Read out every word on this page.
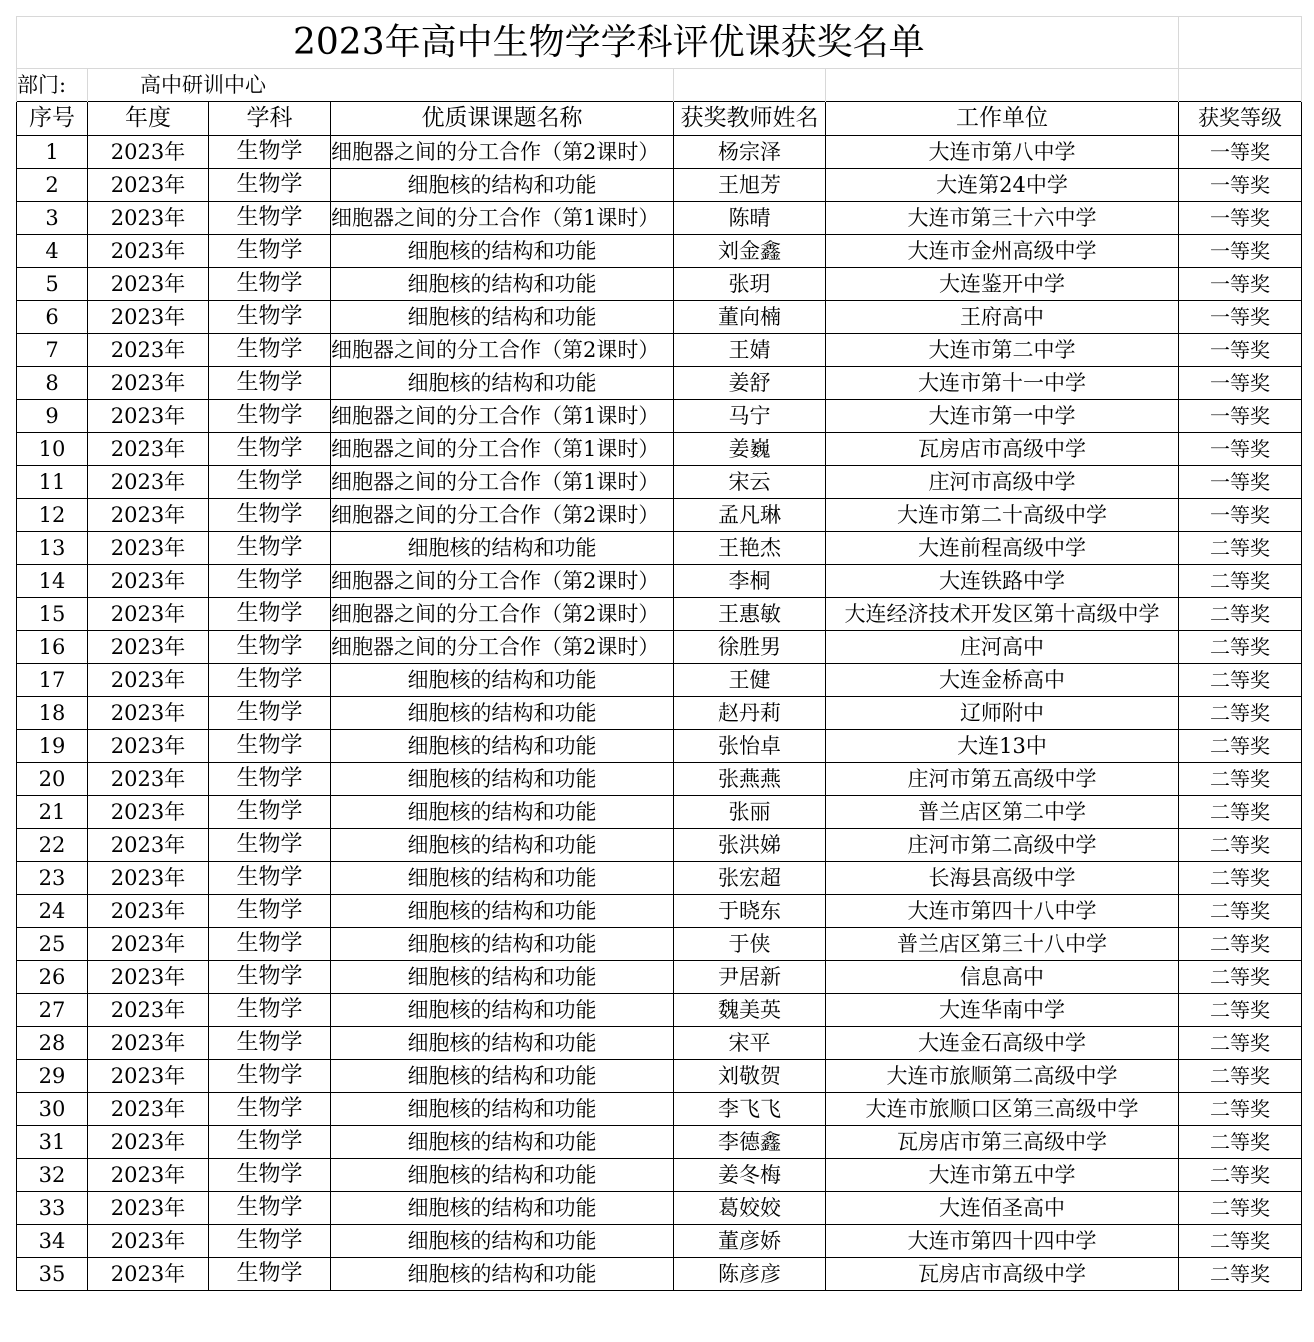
2023年高中生物学学科评优课获奖名单						
部门:	高中研训中心					
序号	年度	学科	优质课课题名称	获奖教师姓名	工作单位	获奖等级
1	2023年	生物学	细胞器之间的分工合作（第2课时）	杨宗泽	大连市第八中学	一等奖
2	2023年	生物学	细胞核的结构和功能	王旭芳	大连第24中学	一等奖
3	2023年	生物学	细胞器之间的分工合作（第1课时）	陈晴	大连市第三十六中学	一等奖
4	2023年	生物学	细胞核的结构和功能	刘金鑫	大连市金州高级中学	一等奖
5	2023年	生物学	细胞核的结构和功能	张玥	大连鉴开中学	一等奖
6	2023年	生物学	细胞核的结构和功能	董向楠	王府高中	一等奖
7	2023年	生物学	细胞器之间的分工合作（第2课时）	王婧	大连市第二中学	一等奖
8	2023年	生物学	细胞核的结构和功能	姜舒	大连市第十一中学	一等奖
9	2023年	生物学	细胞器之间的分工合作（第1课时）	马宁	大连市第一中学	一等奖
10	2023年	生物学	细胞器之间的分工合作（第1课时）	姜巍	瓦房店市高级中学	一等奖
11	2023年	生物学	细胞器之间的分工合作（第1课时）	宋云	庄河市高级中学	一等奖
12	2023年	生物学	细胞器之间的分工合作（第2课时）	孟凡琳	大连市第二十高级中学	一等奖
13	2023年	生物学	细胞核的结构和功能	王艳杰	大连前程高级中学	二等奖
14	2023年	生物学	细胞器之间的分工合作（第2课时）	李桐	大连铁路中学	二等奖
15	2023年	生物学	细胞器之间的分工合作（第2课时）	王惠敏	大连经济技术开发区第十高级中学	二等奖
16	2023年	生物学	细胞器之间的分工合作（第2课时）	徐胜男	庄河高中	二等奖
17	2023年	生物学	细胞核的结构和功能	王健	大连金桥高中	二等奖
18	2023年	生物学	细胞核的结构和功能	赵丹莉	辽师附中	二等奖
19	2023年	生物学	细胞核的结构和功能	张怡卓	大连13中	二等奖
20	2023年	生物学	细胞核的结构和功能	张燕燕	庄河市第五高级中学	二等奖
21	2023年	生物学	细胞核的结构和功能	张丽	普兰店区第二中学	二等奖
22	2023年	生物学	细胞核的结构和功能	张洪娣	庄河市第二高级中学	二等奖
23	2023年	生物学	细胞核的结构和功能	张宏超	长海县高级中学	二等奖
24	2023年	生物学	细胞核的结构和功能	于晓东	大连市第四十八中学	二等奖
25	2023年	生物学	细胞核的结构和功能	于侠	普兰店区第三十八中学	二等奖
26	2023年	生物学	细胞核的结构和功能	尹居新	信息高中	二等奖
27	2023年	生物学	细胞核的结构和功能	魏美英	大连华南中学	二等奖
28	2023年	生物学	细胞核的结构和功能	宋平	大连金石高级中学	二等奖
29	2023年	生物学	细胞核的结构和功能	刘敬贺	大连市旅顺第二高级中学	二等奖
30	2023年	生物学	细胞核的结构和功能	李飞飞	大连市旅顺口区第三高级中学	二等奖
31	2023年	生物学	细胞核的结构和功能	李德鑫	瓦房店市第三高级中学	二等奖
32	2023年	生物学	细胞核的结构和功能	姜冬梅	大连市第五中学	二等奖
33	2023年	生物学	细胞核的结构和功能	葛姣姣	大连佰圣高中	二等奖
34	2023年	生物学	细胞核的结构和功能	董彦娇	大连市第四十四中学	二等奖
35	2023年	生物学	细胞核的结构和功能	陈彦彦	瓦房店市高级中学	二等奖
